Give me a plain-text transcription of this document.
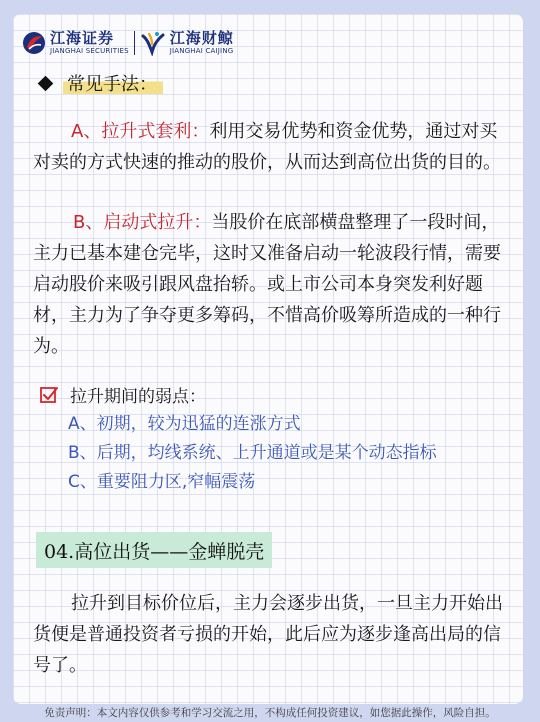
江海证券
JIANGHAI SECURITIES
江海财鲸
JIANGHAI CAIJING
常见手法：

A、拉升式套利：利用交易优势和资金优势，通过对买对卖的方式快速的推动的股价，从而达到高位出货的目的。

B、启动式拉升：当股价在底部横盘整理了一段时间，主力已基本建仓完毕，这时又准备启动一轮波段行情，需要启动股价来吸引跟风盘抬轿。或上市公司本身突发利好题材，主力为了争夺更多筹码，不惜高价吸筹所造成的一种行为。

拉升期间的弱点：
A、初期，较为迅猛的连涨方式
B、后期，均线系统、上升通道或是某个动态指标
C、重要阻力区,窄幅震荡
04.高位出货——金蝉脱壳

拉升到目标价位后，主力会逐步出货，一旦主力开始出货便是普通投资者亏损的开始，此后应为逐步逢高出局的信号了。

免责声明：本文内容仅供参考和学习交流之用，不构成任何投资建议，如您据此操作，风险自担。
